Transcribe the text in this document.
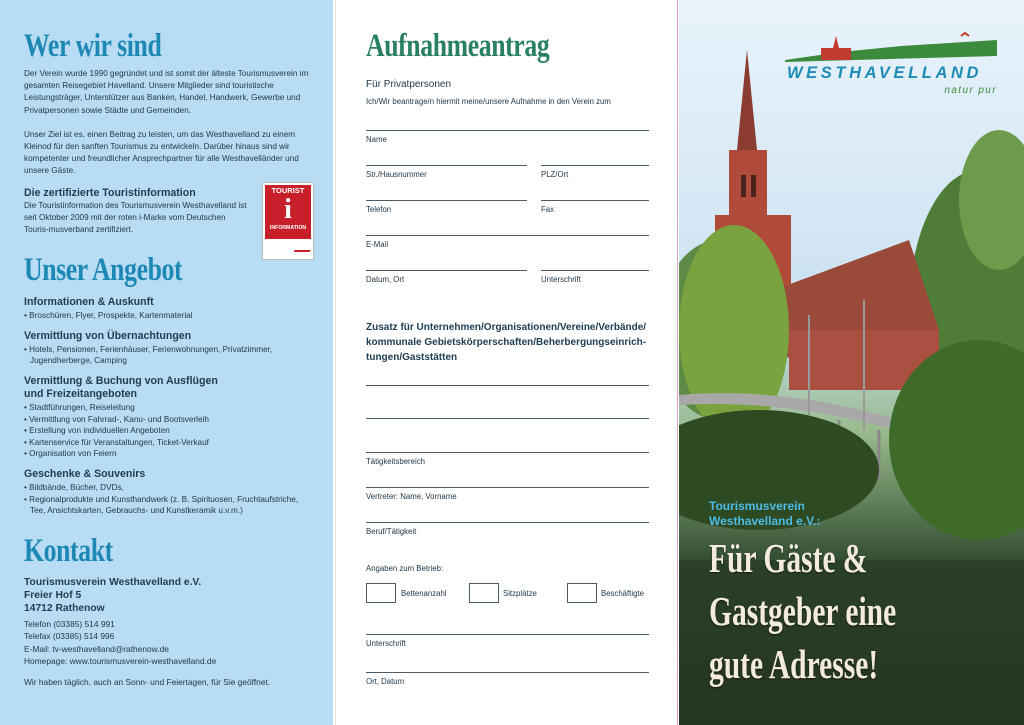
Wer wir sind

Der Verein wurde 1990 gegründet und ist somit der älteste Tourismusverein im gesamten Reisegebiet Havelland. Unsere Mitglieder sind touristische Leistungsträger, Unterstützer aus Banken, Handel, Handwerk, Gewerbe und Privatpersonen sowie Städte und Gemeinden.

Unser Ziel ist es, einen Beitrag zu leisten, um das Westhavelland zu einem Kleinod für den sanften Tourismus zu entwickeln. Darüber hinaus sind wir kompetenter und freundlicher Ansprechpartner für alle Westhavelländer und unsere Gäste.

Die zertifizierte Touristinformation

Die Touristinformation des Tourismusverein Westhavelland ist seit Oktober 2009 mit der roten i-Marke vom Deutschen Touris-musverband zertifiziert.

TOURIST
i
INFORMATION
Unser Angebot
Informationen & Auskunft
• Broschüren, Flyer, Prospekte, Kartenmaterial
Vermittlung von Übernachtungen
• Hotels, Pensionen, Ferienhäuser, Ferienwohnungen, Privatzimmer, Jugendherberge, Camping
Vermittlung & Buchung von Ausflügen und Freizeitangeboten
• Stadtführungen, Reiseleitung
• Vermittlung von Fahrrad-, Kanu- und Bootsverleih
• Erstellung von individuellen Angeboten
• Kartenservice für Veranstaltungen, Ticket-Verkauf
• Organisation von Feiern
Geschenke & Souvenirs
• Bildbände, Bücher, DVDs,
• Regionalprodukte und Kunsthandwerk (z. B. Spirituosen, Fruchtaufstriche, Tee, Ansichtskarten, Gebrauchs- und Kunstkeramik u.v.m.)
Kontakt
Tourismusverein Westhavelland e.V.
Freier Hof 5
14712 Rathenow
Telefon (03385) 514 991
Telefax (03385) 514 996
E-Mail: tv-westhavelland@rathenow.de
Homepage: www.tourismusverein-westhavelland.de
Wir haben täglich, auch an Sonn- und Feiertagen, für Sie geöffnet.
Aufnahmeantrag
Für Privatpersonen
Ich/Wir beantrage/n hiermit meine/unsere Aufnahme in den Verein zum
Name
Str./Hausnummer	PLZ/Ort
Telefon	Fax
E-Mail
Datum, Ort	Unterschrift
Zusatz für Unternehmen/Organisationen/Vereine/Verbände/ kommunale Gebietskörperschaften/Beherbergungseinrich-tungen/Gaststätten
Tätigkeitsbereich
Vertreter: Name, Vorname
Beruf/Tätigkeit
Angaben zum Betrieb:
Bettenanzahl	Sitzplätze	Beschäftigte
Unterschrift
Ort, Datum
WESTHAVELLAND
natur pur
Tourismusverein
Westhavelland e.V.:
Für Gäste &
Gastgeber eine
gute Adresse!
